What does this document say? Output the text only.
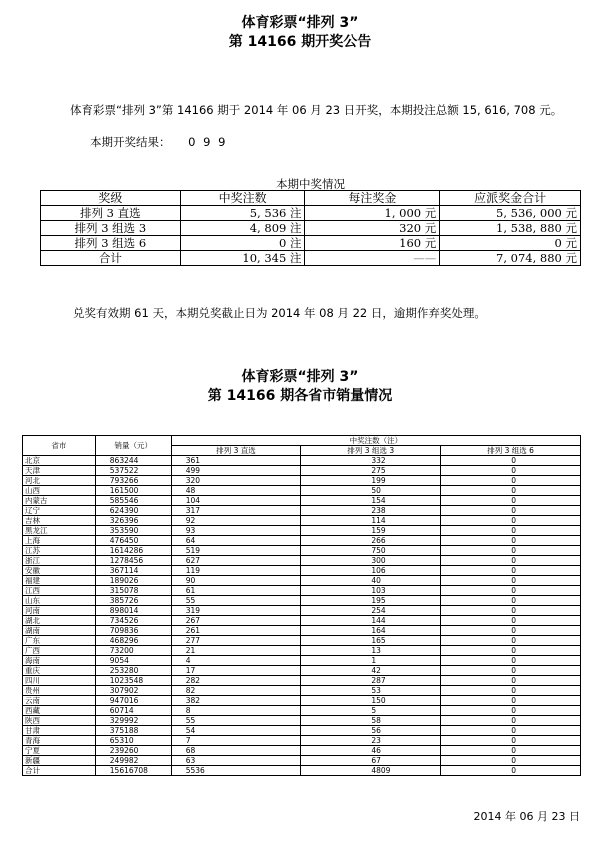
体育彩票“排列 3”
第 14166 期开奖公告
体育彩票“排列 3”第 14166 期于 2014 年 06 月 23 日开奖，本期投注总额 15, 616, 708 元。
本期开奖结果： 0 9 9
本期中奖情况
奖级	中奖注数	每注奖金	应派奖金合计
排列 3 直选	5, 536 注	1, 000 元	5, 536, 000 元
排列 3 组选 3	4, 809 注	320 元	1, 538, 880 元
排列 3 组选 6	0 注	160 元	0 元
合计	10, 345 注	——	7, 074, 880 元
兑奖有效期 61 天，本期兑奖截止日为 2014 年 08 月 22 日，逾期作弃奖处理。
体育彩票“排列 3”
第 14166 期各省市销量情况
省市	销量（元）	中奖注数（注）		
		排列 3 直选	排列 3 组选 3	排列 3 组选 6
北京	863244	361	332	0
天津	537522	499	275	0
河北	793266	320	199	0
山西	161500	48	50	0
内蒙古	585546	104	154	0
辽宁	624390	317	238	0
吉林	326396	92	114	0
黑龙江	353590	93	159	0
上海	476450	64	266	0
江苏	1614286	519	750	0
浙江	1278456	627	300	0
安徽	367114	119	106	0
福建	189026	90	40	0
江西	315078	61	103	0
山东	385726	55	195	0
河南	898014	319	254	0
湖北	734526	267	144	0
湖南	709836	261	164	0
广东	468296	277	165	0
广西	73200	21	13	0
海南	9054	4	1	0
重庆	253280	17	42	0
四川	1023548	282	287	0
贵州	307902	82	53	0
云南	947016	382	150	0
西藏	60714	8	5	0
陕西	329992	55	58	0
甘肃	375188	54	56	0
青海	65310	7	23	0
宁夏	239260	68	46	0
新疆	249982	63	67	0
合计	15616708	5536	4809	0
2014 年 06 月 23 日
